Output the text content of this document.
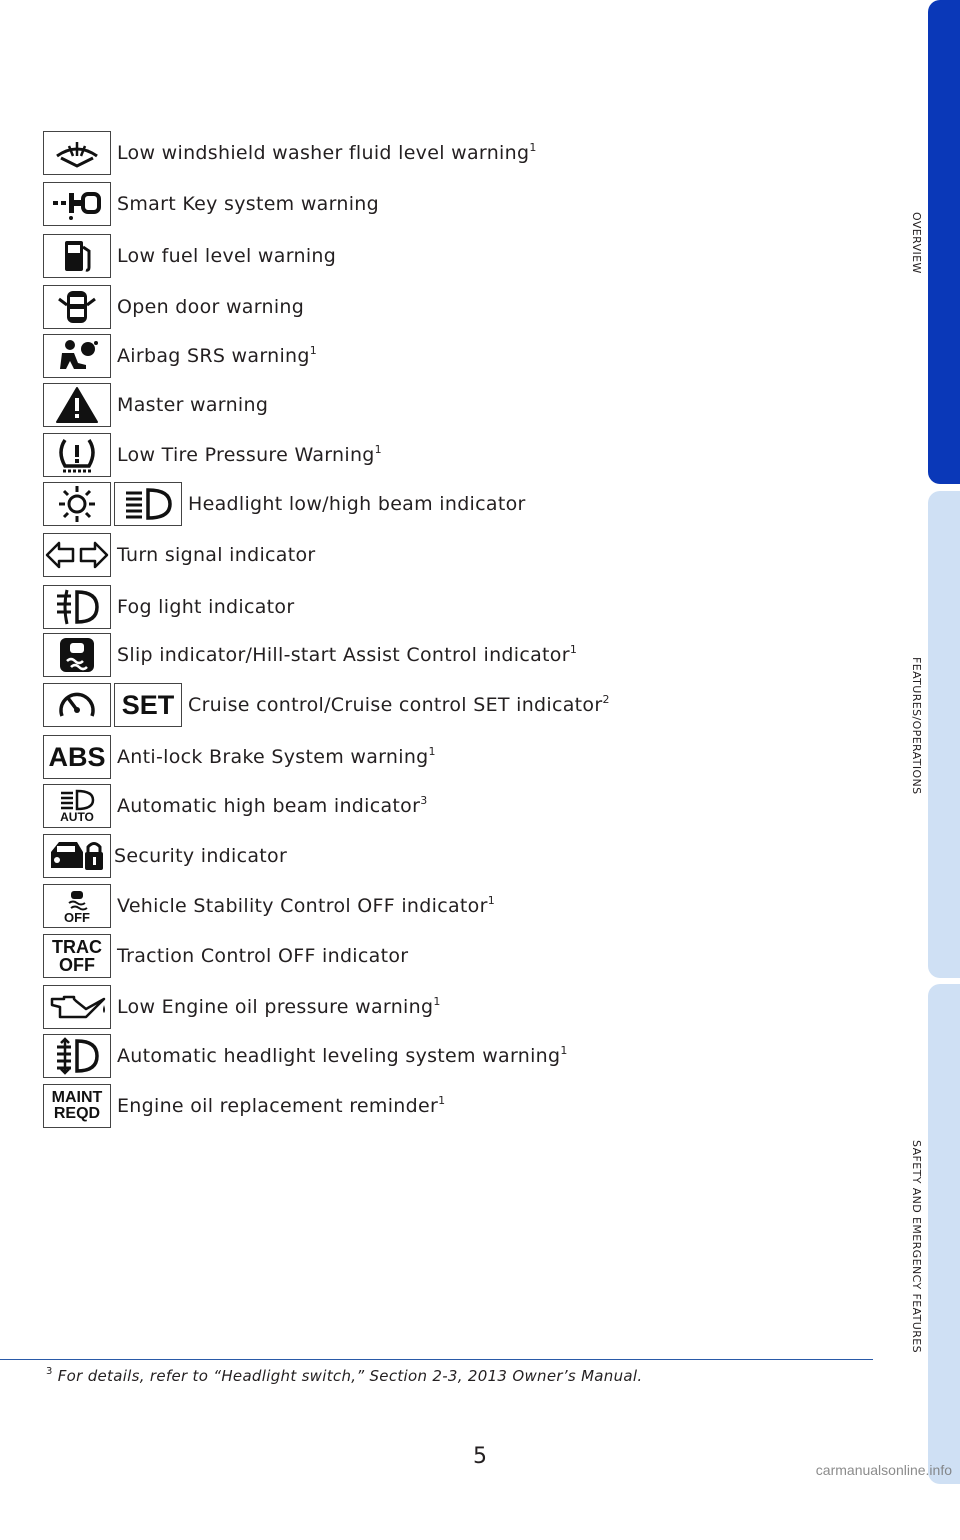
OVERVIEW
FEATURES/OPERATIONS
SAFETY AND EMERGENCY FEATURES
Low windshield washer fluid level warning$^1$
Smart Key system warning
Low fuel level warning
Open door warning
Airbag SRS warning$^1$
Master warning
Low Tire Pressure Warning$^1$
Headlight low/high beam indicator
Turn signal indicator
Fog light indicator
Slip indicator/Hill-start Assist Control indicator$^1$
SET Cruise control/Cruise control SET indicator$^2$
ABS Anti-lock Brake System warning$^1$
AUTO Automatic high beam indicator$^3$
Security indicator
OFF Vehicle Stability Control OFF indicator$^1$
TRAC
OFF Traction Control OFF indicator
Low Engine oil pressure warning$^1$
Automatic headlight leveling system warning$^1$
MAINT
REQD Engine oil replacement reminder$^1$
$^3$ For details, refer to “Headlight switch,” Section 2-3, 2013 Owner’s Manual.
5
carmanualsonline.info
